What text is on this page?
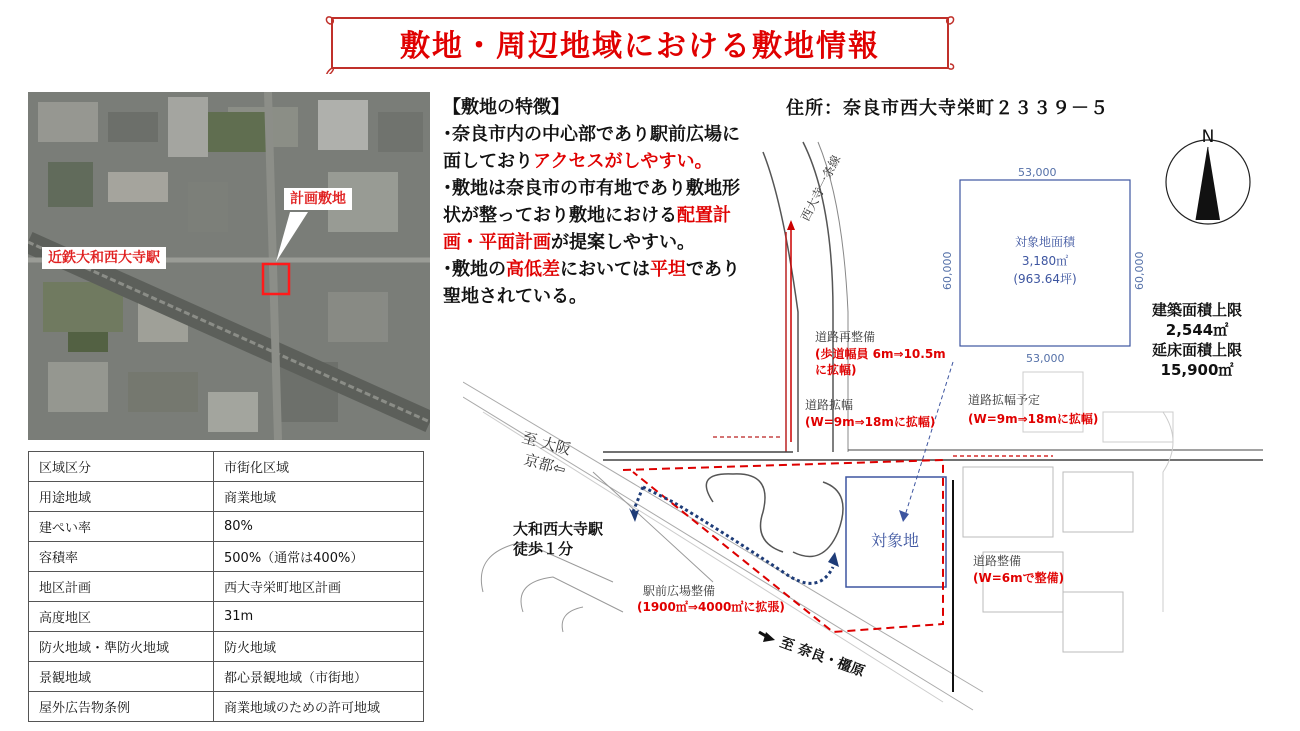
敷地・周辺地域における敷地情報
計画敷地
近鉄大和西大寺駅
区域区分	市街化区域
用途地域	商業地域
建ぺい率	80%
容積率	500%（通常は400%）
地区計画	西大寺栄町地区計画
高度地区	31m
防火地域・準防火地域	防火地域
景観地域	都心景観地域（市街地）
屋外広告物条例	商業地域のための許可地域
西大寺一条線
道路再整備
(歩道幅員 6m⇒10.5m
に拡幅)
道路拡幅
(W=9m⇒18mに拡幅)
道路拡幅予定
(W=9m⇒18mに拡幅)
至 大阪
京都⇦
大和西大寺駅
徒歩１分	対象地
道路整備
(W=6mで整備)
駅前広場整備
(1900㎡⇒4000㎡に拡張)
至 奈良・橿原
53,000
53,000
60,000	60,000
対象地面積
3,180㎡
(963.64坪)
N
【敷地の特徴】
･奈良市内の中心部であり駅前広場に面しておりアクセスがしやすい。
･敷地は奈良市の市有地であり敷地形状が整っており敷地における配置計画・平面計画が提案しやすい。
･敷地の高低差においては平坦であり聖地されている。
住所：奈良市西大寺栄町２３３９－５
建築面積上限
2,544㎡
延床面積上限
15,900㎡
